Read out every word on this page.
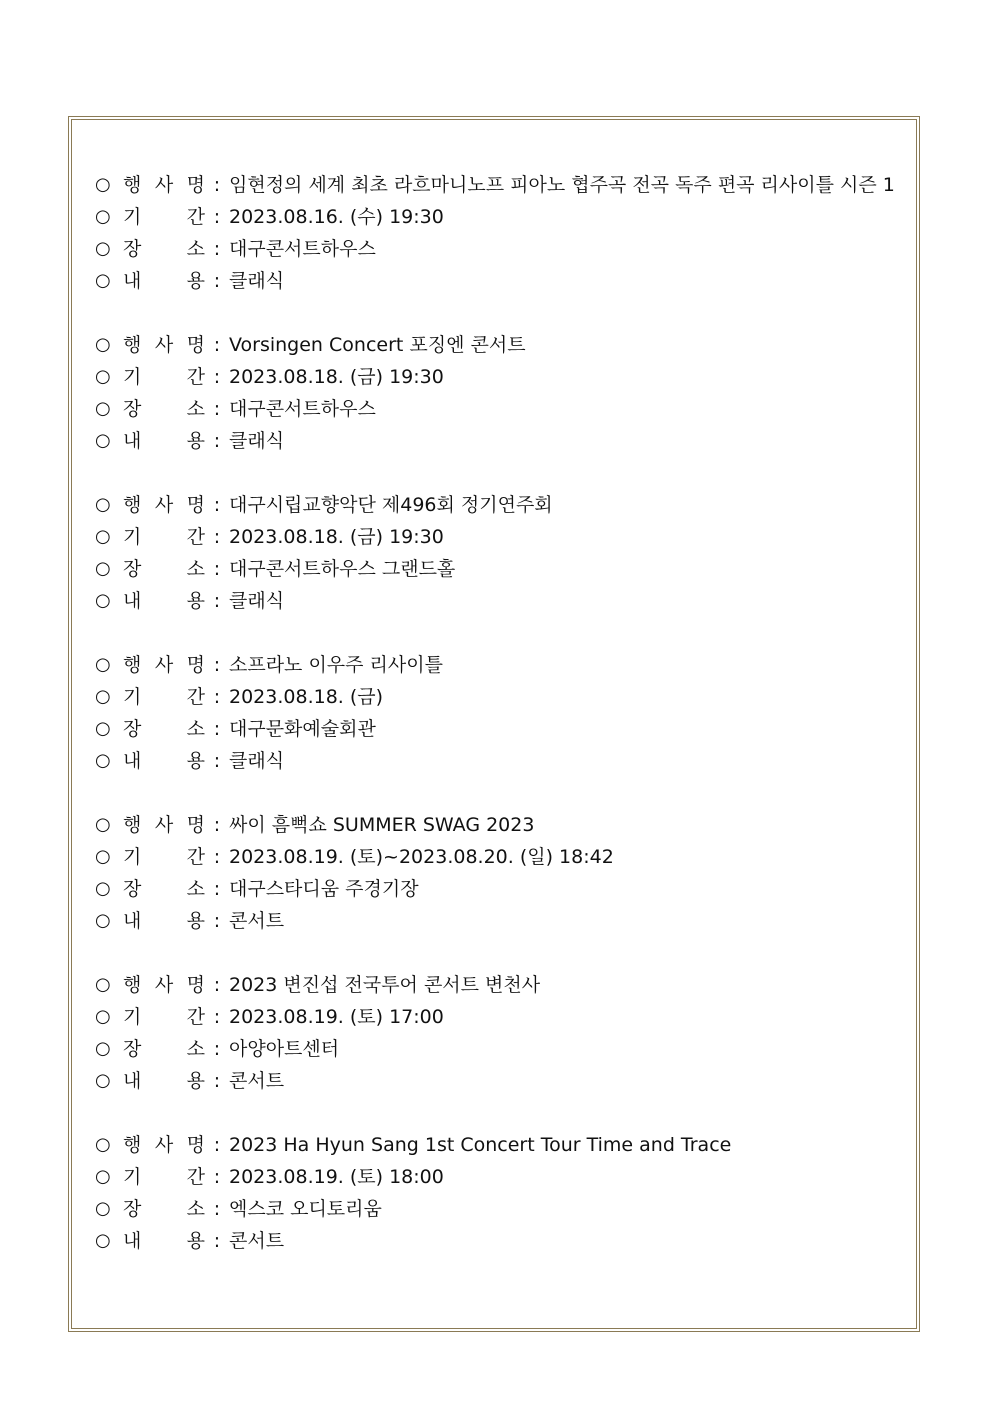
○ 행 사 명 : 임현정의 세계 최초 라흐마니노프 피아노 협주곡 전곡 독주 편곡 리사이틀 시즌 1
○ 기 간 : 2023.08.16. (수) 19:30
○ 장 소 : 대구콘서트하우스
○ 내 용 : 클래식
○ 행 사 명 : Vorsingen Concert 포징엔 콘서트
○ 기 간 : 2023.08.18. (금) 19:30
○ 장 소 : 대구콘서트하우스
○ 내 용 : 클래식
○ 행 사 명 : 대구시립교향악단 제496회 정기연주회
○ 기 간 : 2023.08.18. (금) 19:30
○ 장 소 : 대구콘서트하우스 그랜드홀
○ 내 용 : 클래식
○ 행 사 명 : 소프라노 이우주 리사이틀
○ 기 간 : 2023.08.18. (금)
○ 장 소 : 대구문화예술회관
○ 내 용 : 클래식
○ 행 사 명 : 싸이 흠뻑쇼 SUMMER SWAG 2023
○ 기 간 : 2023.08.19. (토)~2023.08.20. (일) 18:42
○ 장 소 : 대구스타디움 주경기장
○ 내 용 : 콘서트
○ 행 사 명 : 2023 변진섭 전국투어 콘서트 변천사
○ 기 간 : 2023.08.19. (토) 17:00
○ 장 소 : 아양아트센터
○ 내 용 : 콘서트
○ 행 사 명 : 2023 Ha Hyun Sang 1st Concert Tour Time and Trace
○ 기 간 : 2023.08.19. (토) 18:00
○ 장 소 : 엑스코 오디토리움
○ 내 용 : 콘서트
